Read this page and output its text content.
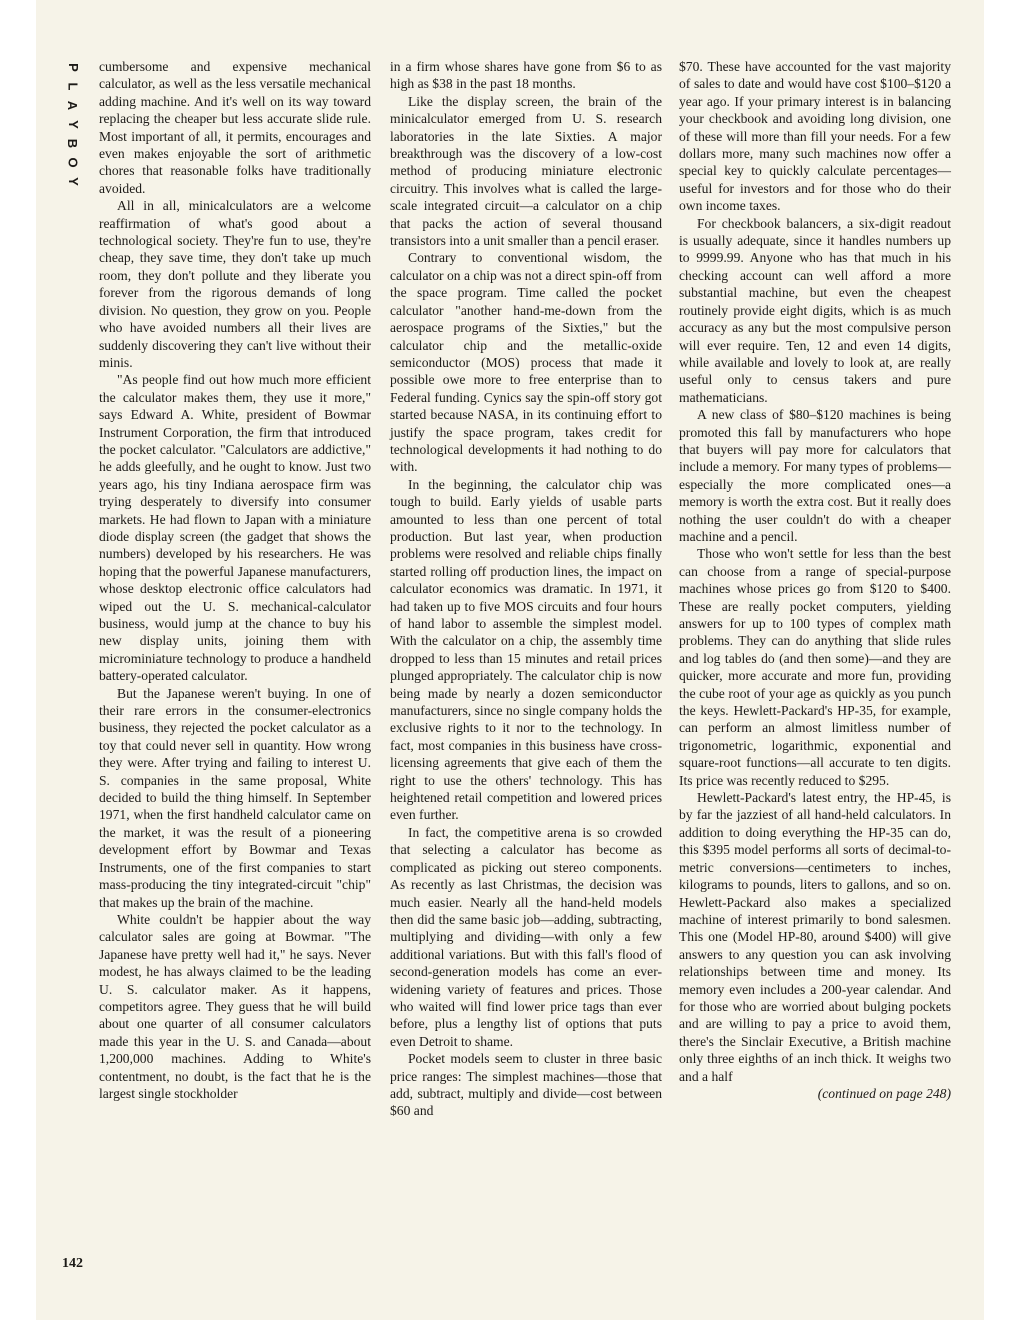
P
L
A
Y
B
O
Y

cumbersome and expensive mechanical calculator, as well as the less versatile mechanical adding machine. And it's well on its way toward replacing the cheaper but less accurate slide rule. Most important of all, it permits, encourages and even makes enjoyable the sort of arithmetic chores that reasonable folks have traditionally avoided.

All in all, minicalculators are a welcome reaffirmation of what's good about a technological society. They're fun to use, they're cheap, they save time, they don't take up much room, they don't pollute and they liberate you forever from the rigorous demands of long division. No question, they grow on you. People who have avoided numbers all their lives are suddenly discovering they can't live without their minis.

"As people find out how much more efficient the calculator makes them, they use it more," says Edward A. White, president of Bowmar Instrument Corporation, the firm that introduced the pocket calculator. "Calculators are addictive," he adds gleefully, and he ought to know. Just two years ago, his tiny Indiana aerospace firm was trying desperately to diversify into consumer markets. He had flown to Japan with a miniature diode display screen (the gadget that shows the numbers) developed by his researchers. He was hoping that the powerful Japanese manufacturers, whose desktop electronic office calculators had wiped out the U. S. mechanical-calculator business, would jump at the chance to buy his new display units, joining them with microminiature technology to produce a handheld battery-operated calculator.

But the Japanese weren't buying. In one of their rare errors in the consumer-electronics business, they rejected the pocket calculator as a toy that could never sell in quantity. How wrong they were. After trying and failing to interest U. S. companies in the same proposal, White decided to build the thing himself. In September 1971, when the first handheld calculator came on the market, it was the result of a pioneering development effort by Bowmar and Texas Instruments, one of the first companies to start mass-producing the tiny integrated-circuit "chip" that makes up the brain of the machine.

White couldn't be happier about the way calculator sales are going at Bowmar. "The Japanese have pretty well had it," he says. Never modest, he has always claimed to be the leading U. S. calculator maker. As it happens, competitors agree. They guess that he will build about one quarter of all consumer calculators made this year in the U. S. and Canada—about 1,200,000 machines. Adding to White's contentment, no doubt, is the fact that he is the largest single stockholder

in a firm whose shares have gone from $6 to as high as $38 in the past 18 months.

Like the display screen, the brain of the minicalculator emerged from U. S. research laboratories in the late Sixties. A major breakthrough was the discovery of a low-cost method of producing miniature electronic circuitry. This involves what is called the large-scale integrated circuit—a calculator on a chip that packs the action of several thousand transistors into a unit smaller than a pencil eraser.

Contrary to conventional wisdom, the calculator on a chip was not a direct spin-off from the space program. Time called the pocket calculator "another hand-me-down from the aerospace programs of the Sixties," but the calculator chip and the metallic-oxide semiconductor (MOS) process that made it possible owe more to free enterprise than to Federal funding. Cynics say the spin-off story got started because NASA, in its continuing effort to justify the space program, takes credit for technological developments it had nothing to do with.

In the beginning, the calculator chip was tough to build. Early yields of usable parts amounted to less than one percent of total production. But last year, when production problems were resolved and reliable chips finally started rolling off production lines, the impact on calculator economics was dramatic. In 1971, it had taken up to five MOS circuits and four hours of hand labor to assemble the simplest model. With the calculator on a chip, the assembly time dropped to less than 15 minutes and retail prices plunged appropriately. The calculator chip is now being made by nearly a dozen semiconductor manufacturers, since no single company holds the exclusive rights to it nor to the technology. In fact, most companies in this business have cross-licensing agreements that give each of them the right to use the others' technology. This has heightened retail competition and lowered prices even further.

In fact, the competitive arena is so crowded that selecting a calculator has become as complicated as picking out stereo components. As recently as last Christmas, the decision was much easier. Nearly all the hand-held models then did the same basic job—adding, subtracting, multiplying and dividing—with only a few additional variations. But with this fall's flood of second-generation models has come an ever-widening variety of features and prices. Those who waited will find lower price tags than ever before, plus a lengthy list of options that puts even Detroit to shame.

Pocket models seem to cluster in three basic price ranges: The simplest machines—those that add, subtract, multiply and divide—cost between $60 and

$70. These have accounted for the vast majority of sales to date and would have cost $100–$120 a year ago. If your primary interest is in balancing your checkbook and avoiding long division, one of these will more than fill your needs. For a few dollars more, many such machines now offer a special key to quickly calculate percentages—useful for investors and for those who do their own income taxes.

For checkbook balancers, a six-digit readout is usually adequate, since it handles numbers up to 9999.99. Anyone who has that much in his checking account can well afford a more substantial machine, but even the cheapest routinely provide eight digits, which is as much accuracy as any but the most compulsive person will ever require. Ten, 12 and even 14 digits, while available and lovely to look at, are really useful only to census takers and pure mathematicians.

A new class of $80–$120 machines is being promoted this fall by manufacturers who hope that buyers will pay more for calculators that include a memory. For many types of problems—especially the more complicated ones—a memory is worth the extra cost. But it really does nothing the user couldn't do with a cheaper machine and a pencil.

Those who won't settle for less than the best can choose from a range of special-purpose machines whose prices go from $120 to $400. These are really pocket computers, yielding answers for up to 100 types of complex math problems. They can do anything that slide rules and log tables do (and then some)—and they are quicker, more accurate and more fun, providing the cube root of your age as quickly as you punch the keys. Hewlett-Packard's HP-35, for example, can perform an almost limitless number of trigonometric, logarithmic, exponential and square-root functions—all accurate to ten digits. Its price was recently reduced to $295.

Hewlett-Packard's latest entry, the HP-45, is by far the jazziest of all hand-held calculators. In addition to doing everything the HP-35 can do, this $395 model performs all sorts of decimal-to-metric conversions—centimeters to inches, kilograms to pounds, liters to gallons, and so on. Hewlett-Packard also makes a specialized machine of interest primarily to bond salesmen. This one (Model HP-80, around $400) will give answers to any question you can ask involving relationships between time and money. Its memory even includes a 200-year calendar. And for those who are worried about bulging pockets and are willing to pay a price to avoid them, there's the Sinclair Executive, a British machine only three eighths of an inch thick. It weighs two and a half

(continued on page 248)

142
